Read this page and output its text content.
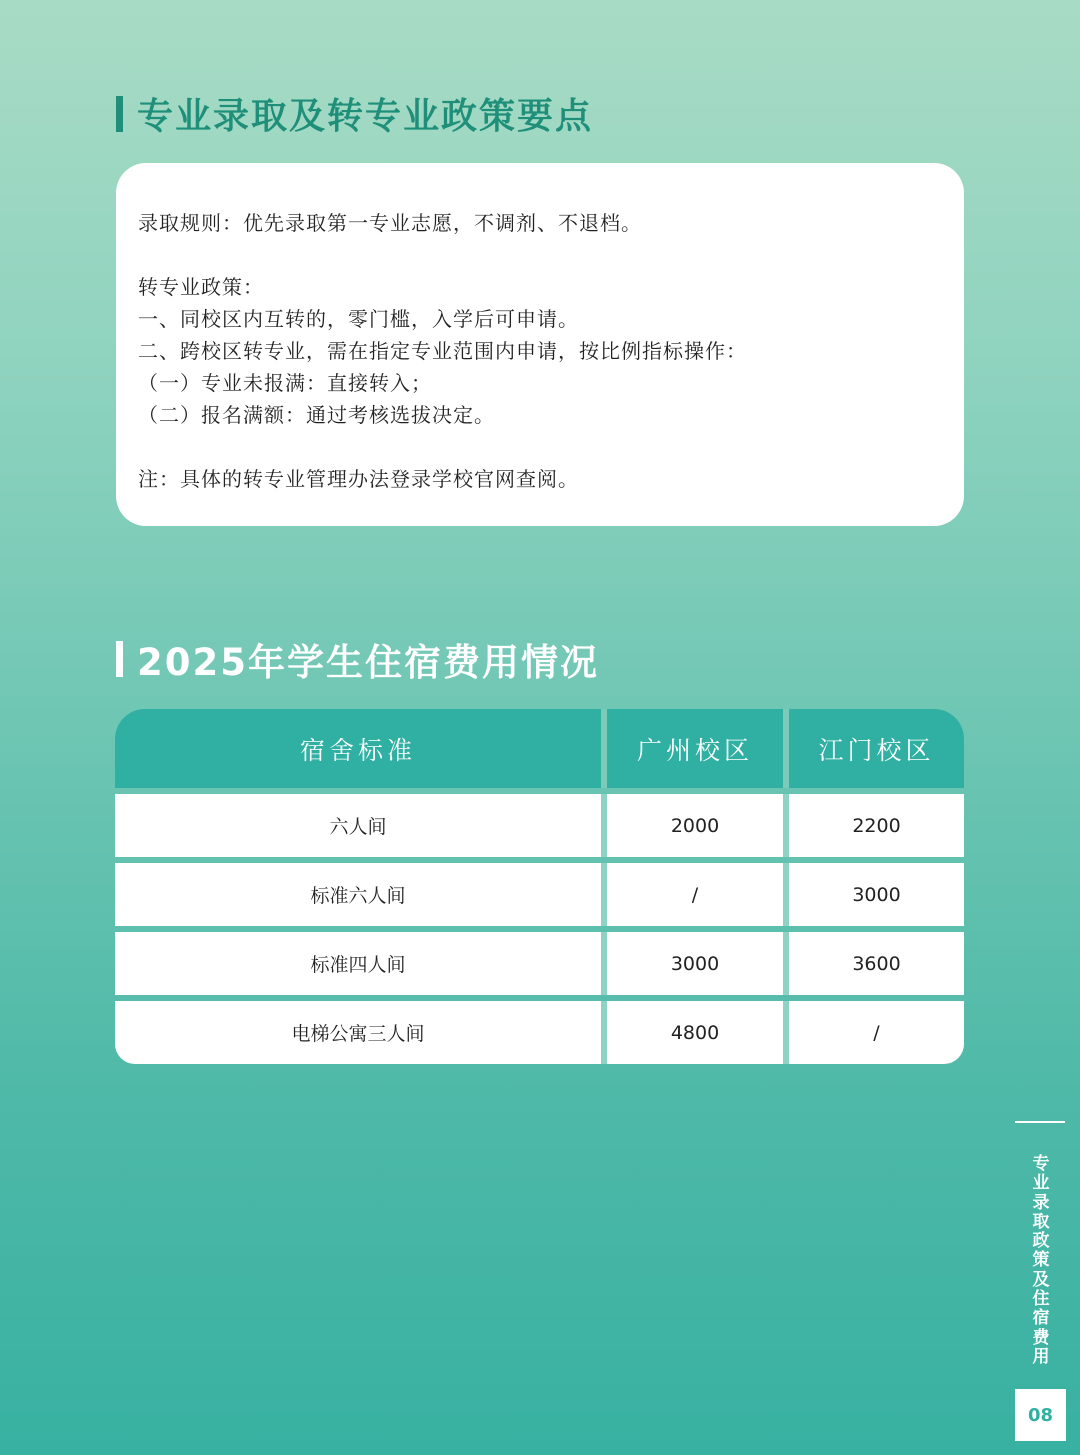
专业录取及转专业政策要点

录取规则：优先录取第一专业志愿，不调剂、不退档。

转专业政策：

一、同校区内互转的，零门槛，入学后可申请。

二、跨校区转专业，需在指定专业范围内申请，按比例指标操作：

（一）专业未报满：直接转入；

（二）报名满额：通过考核选拔决定。

注：具体的转专业管理办法登录学校官网查阅。

2025年学生住宿费用情况
宿舍标准	广州校区	江门校区
六人间	2000	2200
标准六人间	/	3000
标准四人间	3000	3600
电梯公寓三人间	4800	/
专业录取政策及住宿费用
08
